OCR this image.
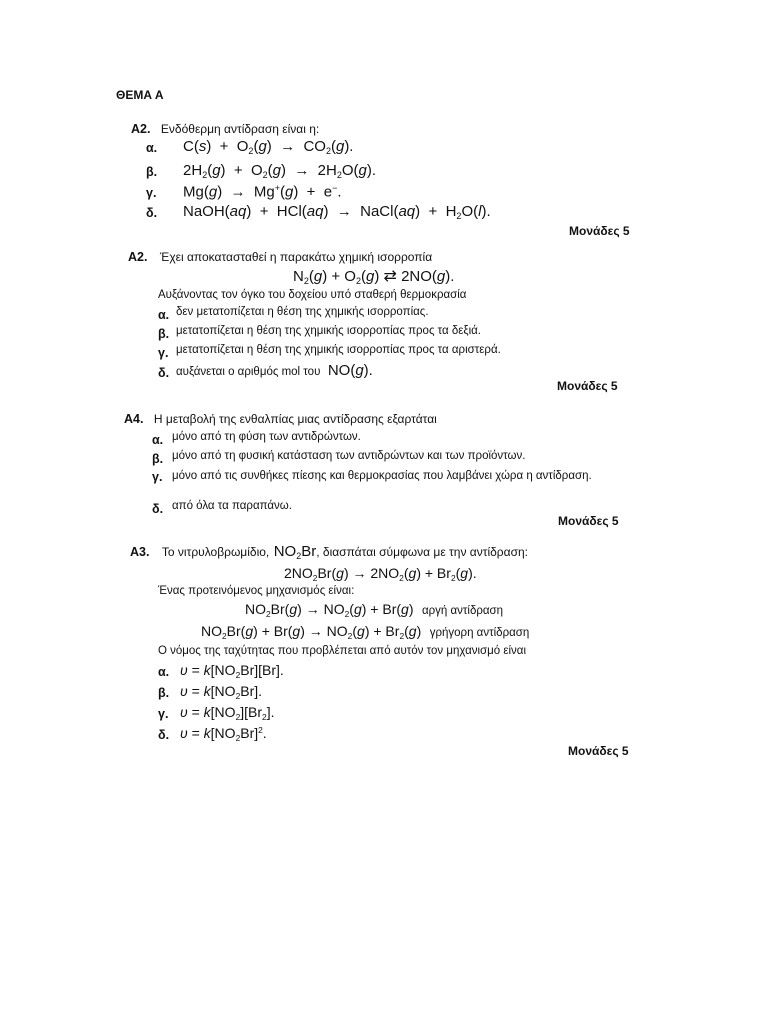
ΘΕΜΑ Α
Α2. Ενδόθερμη αντίδραση είναι η:
α. $C(s) + O_2(g) \to CO_2(g)$.
β. $2H_2(g) + O_2(g) \to 2H_2O(g)$.
γ. Mg(g)  →  Mg+(g)  +  e−.
δ. NaOH(aq)  +  HCl(aq)  →  NaCl(aq)  +  $H_2O(l)$.
Μονάδες 5
Α2. Έχει αποκατασταθεί η παρακάτω χημική ισορροπία
$N_2(g) + O_2(g)$ ⇄ 2NO(g).
Αυξάνοντας τον όγκο του δοχείου υπό σταθερή θερμοκρασία
α. δεν μετατοπίζεται η θέση της χημικής ισορροπίας.
β. μετατοπίζεται η θέση της χημικής ισορροπίας προς τα δεξιά.
γ. μετατοπίζεται η θέση της χημικής ισορροπίας προς τα αριστερά.
δ. αυξάνεται ο αριθμός mol του NO(g).
Μονάδες 5
Α4. Η μεταβολή της ενθαλπίας μιας αντίδρασης εξαρτάται
α. μόνο από τη φύση των αντιδρώντων.
β. μόνο από τη φυσική κατάσταση των αντιδρώντων και των προϊόντων.
γ. μόνο από τις συνθήκες πίεσης και θερμοκρασίας που λαμβάνει χώρα η αντίδραση.
δ. από όλα τα παραπάνω.
Μονάδες 5
Α3. Το νιτρυλοβρωμίδιο, $NO_2Br$, διασπάται σύμφωνα με την αντίδραση:
$2NO_2Br(g) \to 2NO_2(g) + Br_2(g)$.
Ένας προτεινόμενος μηχανισμός είναι:
$NO_2Br(g) \to NO_2(g) + Br(g)$ αργή αντίδραση
$NO_2Br(g) + Br(g) \to NO_2(g) + Br_2(g)$ γρήγορη αντίδραση
Ο νόμος της ταχύτητας που προβλέπεται από αυτόν τον μηχανισμό είναι
α. $\upsilon = k[NO_2Br][Br]$.
β. $\upsilon = k[NO_2Br]$.
γ. $\upsilon = k[NO_2][Br_2]$.
δ. $\upsilon = k[NO_2Br]^2$.
Μονάδες 5
